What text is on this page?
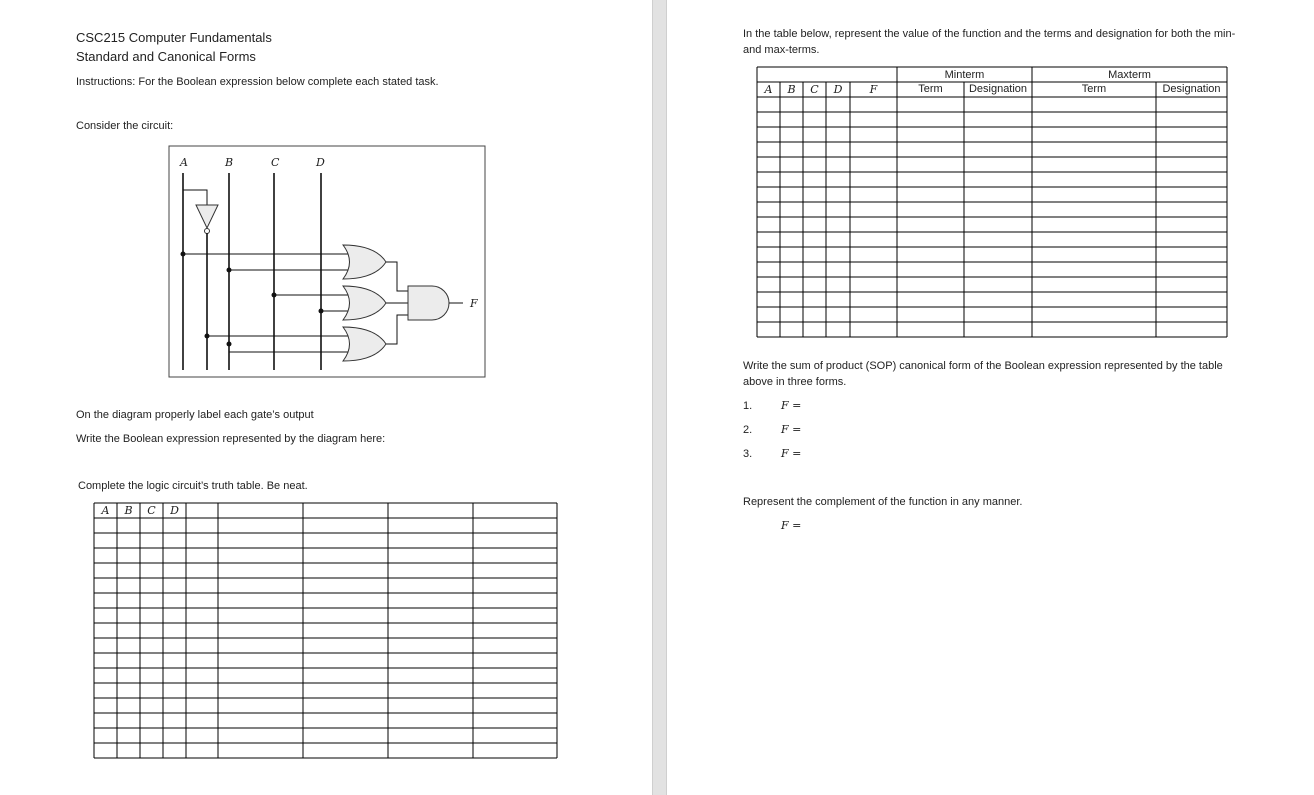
CSC215 Computer Fundamentals
Standard and Canonical Forms
Instructions: For the Boolean expression below complete each stated task.
Consider the circuit:
A	B	C	D
F
On the diagram properly label each gate’s output
Write the Boolean expression represented by the diagram here:
Complete the logic circuit’s truth table. Be neat.
A	B	C	D
In the table below, represent the value of the function and the terms and designation for both the min-
and max-terms.
Minterm	Maxterm
A	B	C	D	F	Term	Designation	Term	Designation
Write the sum of product (SOP) canonical form of the Boolean expression represented by the table
above in three forms.
1.	F =
2.	F =
3.	F =
Represent the complement of the function in any manner.
F =
